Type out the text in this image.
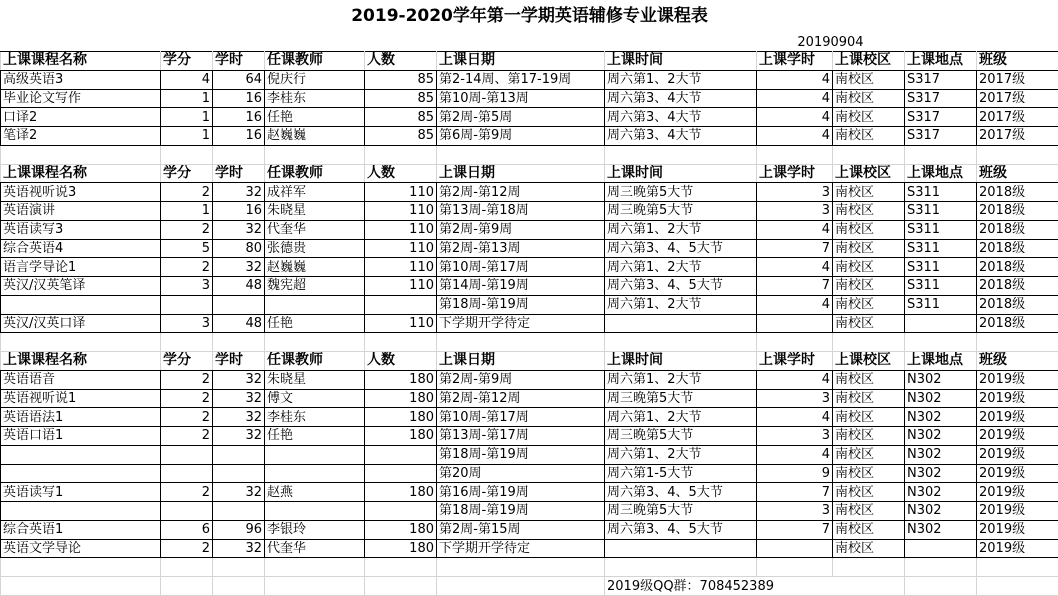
2019-2020学年第一学期英语辅修专业课程表										
							20190904			
上课课程名称	学分	学时	任课教师	人数	上课日期	上课时间	上课学时	上课校区	上课地点	班级
高级英语3	4	64	倪庆行	85	第2-14周、第17-19周	周六第1、2大节	4	南校区	S317	2017级
毕业论文写作	1	16	李桂东	85	第10周-第13周	周六第3、4大节	4	南校区	S317	2017级
口译2	1	16	任艳	85	第2周-第5周	周六第3、4大节	4	南校区	S317	2017级
笔译2	1	16	赵巍巍	85	第6周-第9周	周六第3、4大节	4	南校区	S317	2017级

上课课程名称	学分	学时	任课教师	人数	上课日期	上课时间	上课学时	上课校区	上课地点	班级
英语视听说3	2	32	成祥军	110	第2周-第12周	周三晚第5大节	3	南校区	S311	2018级
英语演讲	1	16	朱晓星	110	第13周-第18周	周三晚第5大节	3	南校区	S311	2018级
英语读写3	2	32	代奎华	110	第2周-第9周	周六第1、2大节	4	南校区	S311	2018级
综合英语4	5	80	张德贵	110	第2周-第13周	周六第3、4、5大节	7	南校区	S311	2018级
语言学导论1	2	32	赵巍巍	110	第10周-第17周	周六第1、2大节	4	南校区	S311	2018级
英汉/汉英笔译	3	48	魏宪超	110	第14周-第19周	周六第3、4、5大节	7	南校区	S311	2018级
					第18周-第19周	周六第1、2大节	4	南校区	S311	2018级
英汉/汉英口译	3	48	任艳	110	下学期开学待定			南校区		2018级

上课课程名称	学分	学时	任课教师	人数	上课日期	上课时间	上课学时	上课校区	上课地点	班级
英语语音	2	32	朱晓星	180	第2周-第9周	周六第1、2大节	4	南校区	N302	2019级
英语视听说1	2	32	傅文	180	第2周-第12周	周三晚第5大节	3	南校区	N302	2019级
英语语法1	2	32	李桂东	180	第10周-第17周	周六第1、2大节	4	南校区	N302	2019级
英语口语1	2	32	任艳	180	第13周-第17周	周三晚第5大节	3	南校区	N302	2019级
					第18周-第19周	周六第1、2大节	4	南校区	N302	2019级
					第20周	周六第1-5大节	9	南校区	N302	2019级
英语读写1	2	32	赵燕	180	第16周-第19周	周六第3、4、5大节	7	南校区	N302	2019级
					第18周-第19周	周三晚第5大节	3	南校区	N302	2019级
综合英语1	6	96	李银玲	180	第2周-第15周	周六第3、4、5大节	7	南校区	N302	2019级
英语文学导论	2	32	代奎华	180	下学期开学待定			南校区		2019级

						2019级QQ群：708452389				
